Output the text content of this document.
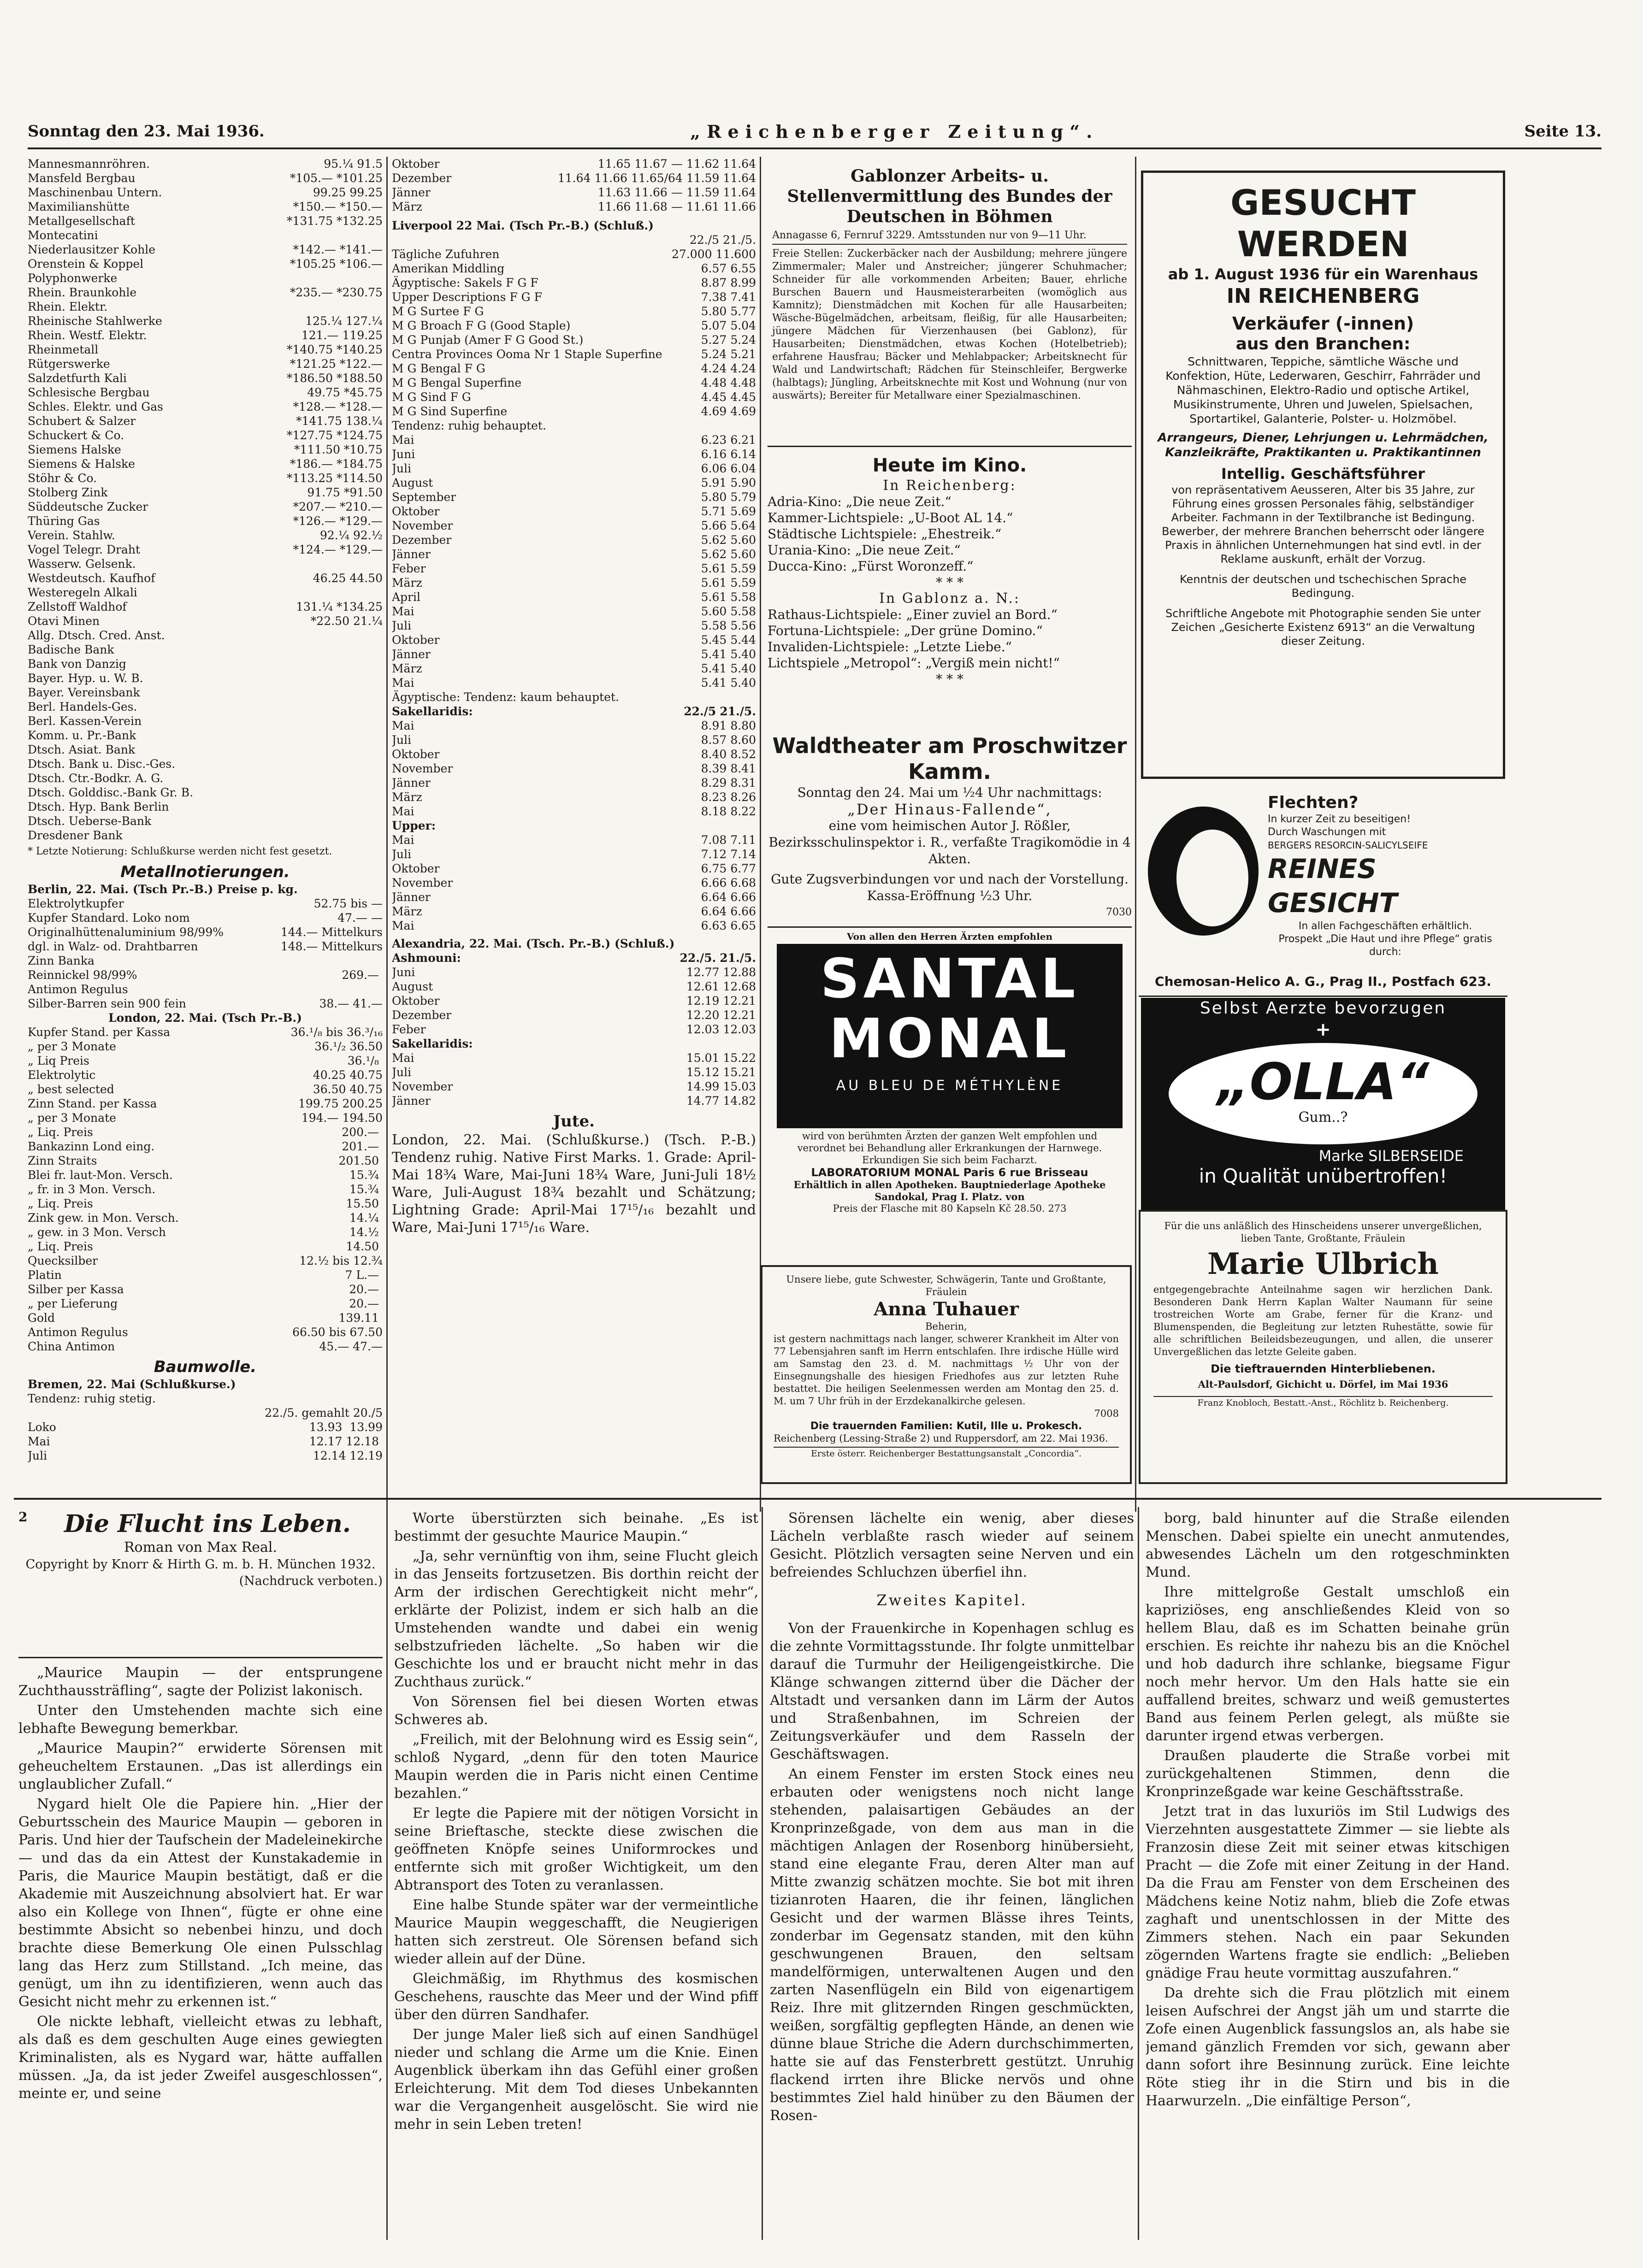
Sonntag den 23. Mai 1936.	„Reichenberger Zeitung“.	Seite 13.
Mannesmannröhren.	95.¼ 91.5
Mansfeld Bergbau	*105.— *101.25
Maschinenbau Untern.	99.25 99.25
Maximilianshütte	*150.— *150.—
Metallgesellschaft	*131.75 *132.25
Montecatini
Niederlausitzer Kohle	*142.— *141.—
Orenstein & Koppel	*105.25 *106.—
Polyphonwerke
Rhein. Braunkohle	*235.— *230.75
Rhein. Elektr.
Rheinische Stahlwerke	125.¼ 127.¼
Rhein. Westf. Elektr.	121.— 119.25
Rheinmetall	*140.75 *140.25
Rütgerswerke	*121.25 *122.—
Salzdetfurth Kali	*186.50 *188.50
Schlesische Bergbau	49.75 *45.75
Schles. Elektr. und Gas	*128.— *128.—
Schubert & Salzer	*141.75 138.¼
Schuckert & Co.	*127.75 *124.75
Siemens Halske	*111.50 *10.75
Siemens & Halske	*186.— *184.75
Stöhr & Co.	*113.25 *114.50
Stolberg Zink	91.75 *91.50
Süddeutsche Zucker	*207.— *210.—
Thüring Gas	*126.— *129.—
Verein. Stahlw.	92.¼ 92.½
Vogel Telegr. Draht	*124.— *129.—
Wasserw. Gelsenk.
Westdeutsch. Kaufhof	46.25 44.50
Westeregeln Alkali
Zellstoff Waldhof	131.¼ *134.25
Otavi Minen	*22.50 21.¼
Allg. Dtsch. Cred. Anst.
Badische Bank
Bank von Danzig
Bayer. Hyp. u. W. B.
Bayer. Vereinsbank
Berl. Handels-Ges.
Berl. Kassen-Verein
Komm. u. Pr.-Bank
Dtsch. Asiat. Bank
Dtsch. Bank u. Disc.-Ges.
Dtsch. Ctr.-Bodkr. A. G.
Dtsch. Golddisc.-Bank Gr. B.
Dtsch. Hyp. Bank Berlin
Dtsch. Ueberse-Bank
Dresdener Bank
* Letzte Notierung: Schlußkurse werden nicht fest gesetzt.
Metallnotierungen.
Berlin, 22. Mai. (Tsch Pr.-B.) Preise p. kg.
Elektrolytkupfer	52.75 bis —
Kupfer Standard. Loko nom	47.— —
Originalhüttenaluminium 98/99%	144.— Mittelkurs
dgl. in Walz- od. Drahtbarren	148.— Mittelkurs
Zinn Banka
Reinnickel 98/99%	269.—
Antimon Regulus
Silber-Barren sein 900 fein	38.— 41.—
London, 22. Mai. (Tsch Pr.-B.)
Kupfer Stand. per Kassa	36.¹/₈ bis 36.³/₁₆
„ per 3 Monate	36.¹/₂ 36.50
„ Liq Preis	36.¹/₈
Elektrolytic	40.25 40.75
„ best selected	36.50 40.75
Zinn Stand. per Kassa	199.75 200.25
„ per 3 Monate	194.— 194.50
„ Liq. Preis	200.—
Bankazinn Lond eing.	201.—
Zinn Straits	201.50
Blei fr. laut-Mon. Versch.	15.¾
„ fr. in 3 Mon. Versch.	15.¾
„ Liq. Preis	15.50
Zink gew. in Mon. Versch.	14.¼
„ gew. in 3 Mon. Versch	14.½
„ Liq. Preis	14.50
Quecksilber	12.½ bis 12.¾
Platin	7 L.—
Silber per Kassa	20.—
„ per Lieferung	20.—
Gold	139.11
Antimon Regulus	66.50 bis 67.50
China Antimon	45.— 47.—
Baumwolle.
Bremen, 22. Mai (Schlußkurse.)
Tendenz: ruhig stetig.
22./5. gemahlt 20./5
Loko	13.93 13.99
Mai	12.17 12.18
Juli	12.14 12.19
Oktober	11.65 11.67 — 11.62 11.64
Dezember	11.64 11.66 11.65/64 11.59 11.64
Jänner	11.63 11.66 — 11.59 11.64
März	11.66 11.68 — 11.61 11.66
Liverpool 22 Mai. (Tsch Pr.-B.) (Schluß.)
22./5 21./5.
Tägliche Zufuhren	27.000 11.600
Amerikan Middling	6.57 6.55
Ägyptische: Sakels F G F	8.87 8.99
Upper Descriptions F G F	7.38 7.41
M G Surtee F G	5.80 5.77
M G Broach F G (Good Staple)	5.07 5.04
M G Punjab (Amer F G Good St.)	5.27 5.24
Centra Provinces Ooma Nr 1 Staple Superfine	5.24 5.21
M G Bengal F G	4.24 4.24
M G Bengal Superfine	4.48 4.48
M G Sind F G	4.45 4.45
M G Sind Superfine	4.69 4.69
Tendenz: ruhig behauptet.
Mai	6.23 6.21
Juni	6.16 6.14
Juli	6.06 6.04
August	5.91 5.90
September	5.80 5.79
Oktober	5.71 5.69
November	5.66 5.64
Dezember	5.62 5.60
Jänner	5.62 5.60
Feber	5.61 5.59
März	5.61 5.59
April	5.61 5.58
Mai	5.60 5.58
Juli	5.58 5.56
Oktober	5.45 5.44
Jänner	5.41 5.40
März	5.41 5.40
Mai	5.41 5.40
Ägyptische: Tendenz: kaum behauptet.
Sakellaridis:	22./5 21./5.
Mai	8.91 8.80
Juli	8.57 8.60
Oktober	8.40 8.52
November	8.39 8.41
Jänner	8.29 8.31
März	8.23 8.26
Mai	8.18 8.22
Upper:
Mai	7.08 7.11
Juli	7.12 7.14
Oktober	6.75 6.77
November	6.66 6.68
Jänner	6.64 6.66
März	6.64 6.66
Mai	6.63 6.65
Alexandria, 22. Mai. (Tsch. Pr.-B.) (Schluß.)
Ashmouni:	22./5. 21./5.
Juni	12.77 12.88
August	12.61 12.68
Oktober	12.19 12.21
Dezember	12.20 12.21
Feber	12.03 12.03
Sakellaridis:
Mai	15.01 15.22
Juli	15.12 15.21
November	14.99 15.03
Jänner	14.77 14.82
Jute.
London, 22. Mai. (Schlußkurse.) (Tsch. P.-B.) Tendenz ruhig. Native First Marks. 1. Grade: April-Mai 18¾ Ware, Mai-Juni 18¾ Ware, Juni-Juli 18½ Ware, Juli-August 18¾ bezahlt und Schätzung; Lightning Grade: April-Mai 17¹⁵/₁₆ bezahlt und Ware, Mai-Juni 17¹⁵/₁₆ Ware.
Gablonzer Arbeits- u. Stellenvermittlung des Bundes der Deutschen in Böhmen
Annagasse 6, Fernruf 3229. Amtsstunden nur von 9—11 Uhr.
Freie Stellen: Zuckerbäcker nach der Ausbildung; mehrere jüngere Zimmermaler; Maler und Anstreicher; jüngerer Schuhmacher; Schneider für alle vorkommenden Arbeiten; Bauer, ehrliche Burschen Bauern und Hausmeisterarbeiten (womöglich aus Kamnitz); Dienstmädchen mit Kochen für alle Hausarbeiten; Wäsche-Bügelmädchen, arbeitsam, fleißig, für alle Hausarbeiten; jüngere Mädchen für Vierzenhausen (bei Gablonz), für Hausarbeiten; Dienstmädchen, etwas Kochen (Hotelbetrieb); erfahrene Hausfrau; Bäcker und Mehlabpacker; Arbeitsknecht für Wald und Landwirtschaft; Rädchen für Steinschleifer, Bergwerke (halbtags); Jüngling, Arbeitsknechte mit Kost und Wohnung (nur von auswärts); Bereiter für Metallware einer Spezialmaschinen.
Heute im Kino.
In Reichenberg:
Adria-Kino: „Die neue Zeit.“
Kammer-Lichtspiele: „U-Boot AL 14.“
Städtische Lichtspiele: „Ehestreik.“
Urania-Kino: „Die neue Zeit.“
Ducca-Kino: „Fürst Woronzeff.“
* * *
In Gablonz a. N.:
Rathaus-Lichtspiele: „Einer zuviel an Bord.“
Fortuna-Lichtspiele: „Der grüne Domino.“
Invaliden-Lichtspiele: „Letzte Liebe.“
Lichtspiele „Metropol“: „Vergiß mein nicht!“
* * *
Waldtheater am Proschwitzer Kamm.
Sonntag den 24. Mai um ½4 Uhr nachmittags:
„Der Hinaus-Fallende“,
eine vom heimischen Autor J. Rößler, Bezirksschulinspektor i. R., verfaßte Tragikomödie in 4 Akten.
Gute Zugsverbindungen vor und nach der Vorstellung. Kassa-Eröffnung ½3 Uhr.
7030
Von allen den Herren Ärzten empfohlen
SANTAL
MONAL
AU BLEU DE MÉTHYLÈNE
wird von berühmten Ärzten der ganzen Welt empfohlen und verordnet bei Behandlung aller Erkrankungen der Harnwege. Erkundigen Sie sich beim Facharzt.
LABORATORIUM MONAL Paris 6 rue Brisseau
Erhältlich in allen Apotheken. Bauptniederlage Apotheke Sandokal, Prag I. Platz. von
Preis der Flasche mit 80 Kapseln Kč 28.50. 273
Unsere liebe, gute Schwester, Schwägerin, Tante und Großtante, Fräulein
Anna Tuhauer
Beherin,
ist gestern nachmittags nach langer, schwerer Krankheit im Alter von 77 Lebensjahren sanft im Herrn entschlafen. Ihre irdische Hülle wird am Samstag den 23. d. M. nachmittags ½ Uhr von der Einsegnungshalle des hiesigen Friedhofes aus zur letzten Ruhe bestattet. Die heiligen Seelenmessen werden am Montag den 25. d. M. um 7 Uhr früh in der Erzdekanalkirche gelesen.
7008
Die trauernden Familien: Kutil, Ille u. Prokesch.
Reichenberg (Lessing-Straße 2) und Ruppersdorf, am 22. Mai 1936.
Erste österr. Reichenberger Bestattungsanstalt „Concordia“.
GESUCHT WERDEN
ab 1. August 1936 für ein Warenhaus
IN REICHENBERG
Verkäufer (-innen)
aus den Branchen:
Schnittwaren, Teppiche, sämtliche Wäsche und Konfektion, Hüte, Lederwaren, Geschirr, Fahrräder und Nähmaschinen, Elektro-Radio und optische Artikel, Musikinstrumente, Uhren und Juwelen, Spielsachen, Sportartikel, Galanterie, Polster- u. Holzmöbel.
Arrangeurs, Diener, Lehrjungen u. Lehrmädchen, Kanzleikräfte, Praktikanten u. Praktikantinnen
Intellig. Geschäftsführer
von repräsentativem Aeusseren, Alter bis 35 Jahre, zur Führung eines grossen Personales fähig, selbständiger Arbeiter. Fachmann in der Textilbranche ist Bedingung. Bewerber, der mehrere Branchen beherrscht oder längere Praxis in ähnlichen Unternehmungen hat sind evtl. in der Reklame auskunft, erhält der Vorzug.
Kenntnis der deutschen und tschechischen Sprache Bedingung.
Schriftliche Angebote mit Photographie senden Sie unter Zeichen „Gesicherte Existenz 6913“ an die Verwaltung dieser Zeitung.
Flechten?
In kurzer Zeit zu beseitigen!
Durch Waschungen mit
BERGERS RESORCIN-SALICYLSEIFE
REINES GESICHT
In allen Fachgeschäften erhältlich.
Prospekt „Die Haut und ihre Pflege“ gratis durch:
Chemosan-Helico A. G., Prag II., Postfach 623.
Selbst Aerzte bevorzugen
+
„OLLA“
Gum..?
Marke SILBERSEIDE
in Qualität unübertroffen!
Für die uns anläßlich des Hinscheidens unserer unvergeßlichen, lieben Tante, Großtante, Fräulein
Marie Ulbrich
entgegengebrachte Anteilnahme sagen wir herzlichen Dank. Besonderen Dank Herrn Kaplan Walter Naumann für seine trostreichen Worte am Grabe, ferner für die Kranz- und Blumenspenden, die Begleitung zur letzten Ruhestätte, sowie für alle schriftlichen Beileidsbezeugungen, und allen, die unserer Unvergeßlichen das letzte Geleite gaben.
Die tieftrauernden Hinterbliebenen.
Alt-Paulsdorf, Gichicht u. Dörfel, im Mai 1936
Franz Knobloch, Bestatt.-Anst., Röchlitz b. Reichenberg.
2	Die Flucht ins Leben.
Roman von Max Real.
Copyright by Knorr & Hirth G. m. b. H. München 1932.
(Nachdruck verboten.)

„Maurice Maupin — der entsprungene Zuchthaussträfling“, sagte der Polizist lakonisch.

Unter den Umstehenden machte sich eine lebhafte Bewegung bemerkbar.

„Maurice Maupin?“ erwiderte Sörensen mit geheucheltem Erstaunen. „Das ist allerdings ein unglaublicher Zufall.“

Nygard hielt Ole die Papiere hin. „Hier der Geburtsschein des Maurice Maupin — geboren in Paris. Und hier der Taufschein der Madeleinekirche — und das da ein Attest der Kunstakademie in Paris, die Maurice Maupin bestätigt, daß er die Akademie mit Auszeichnung absolviert hat. Er war also ein Kollege von Ihnen“, fügte er ohne eine bestimmte Absicht so nebenbei hinzu, und doch brachte diese Bemerkung Ole einen Pulsschlag lang das Herz zum Stillstand. „Ich meine, das genügt, um ihn zu identifizieren, wenn auch das Gesicht nicht mehr zu erkennen ist.“

Ole nickte lebhaft, vielleicht etwas zu lebhaft, als daß es dem geschulten Auge eines gewiegten Kriminalisten, als es Nygard war, hätte auffallen müssen. „Ja, da ist jeder Zweifel ausgeschlossen“, meinte er, und seine

Worte überstürzten sich beinahe. „Es ist bestimmt der gesuchte Maurice Maupin.“

„Ja, sehr vernünftig von ihm, seine Flucht gleich in das Jenseits fortzusetzen. Bis dorthin reicht der Arm der irdischen Gerechtigkeit nicht mehr“, erklärte der Polizist, indem er sich halb an die Umstehenden wandte und dabei ein wenig selbstzufrieden lächelte. „So haben wir die Geschichte los und er braucht nicht mehr in das Zuchthaus zurück.“

Von Sörensen fiel bei diesen Worten etwas Schweres ab.

„Freilich, mit der Belohnung wird es Essig sein“, schloß Nygard, „denn für den toten Maurice Maupin werden die in Paris nicht einen Centime bezahlen.“

Er legte die Papiere mit der nötigen Vorsicht in seine Brieftasche, steckte diese zwischen die geöffneten Knöpfe seines Uniformrockes und entfernte sich mit großer Wichtigkeit, um den Abtransport des Toten zu veranlassen.

Eine halbe Stunde später war der vermeintliche Maurice Maupin weggeschafft, die Neugierigen hatten sich zerstreut. Ole Sörensen befand sich wieder allein auf der Düne.

Gleichmäßig, im Rhythmus des kosmischen Geschehens, rauschte das Meer und der Wind pfiff über den dürren Sandhafer.

Der junge Maler ließ sich auf einen Sandhügel nieder und schlang die Arme um die Knie. Einen Augenblick überkam ihn das Gefühl einer großen Erleichterung. Mit dem Tod dieses Unbekannten war die Vergangenheit ausgelöscht. Sie wird nie mehr in sein Leben treten!

Sörensen lächelte ein wenig, aber dieses Lächeln verblaßte rasch wieder auf seinem Gesicht. Plötzlich versagten seine Nerven und ein befreiendes Schluchzen überfiel ihn.

Zweites Kapitel.

Von der Frauenkirche in Kopenhagen schlug es die zehnte Vormittagsstunde. Ihr folgte unmittelbar darauf die Turmuhr der Heiligengeistkirche. Die Klänge schwangen zitternd über die Dächer der Altstadt und versanken dann im Lärm der Autos und Straßenbahnen, im Schreien der Zeitungsverkäufer und dem Rasseln der Geschäftswagen.

An einem Fenster im ersten Stock eines neu erbauten oder wenigstens noch nicht lange stehenden, palaisartigen Gebäudes an der Kronprinzeßgade, von dem aus man in die mächtigen Anlagen der Rosenborg hinübersieht, stand eine elegante Frau, deren Alter man auf Mitte zwanzig schätzen mochte. Sie bot mit ihren tizianroten Haaren, die ihr feinen, länglichen Gesicht und der warmen Blässe ihres Teints, zonderbar im Gegensatz standen, mit den kühn geschwungenen Brauen, den seltsam mandelförmigen, unterwaltenen Augen und den zarten Nasenflügeln ein Bild von eigenartigem Reiz. Ihre mit glitzernden Ringen geschmückten, weißen, sorgfältig gepflegten Hände, an denen wie dünne blaue Striche die Adern durchschimmerten, hatte sie auf das Fensterbrett gestützt. Unruhig flackend irrten ihre Blicke nervös und ohne bestimmtes Ziel hald hinüber zu den Bäumen der Rosen-

borg, bald hinunter auf die Straße eilenden Menschen. Dabei spielte ein unecht anmutendes, abwesendes Lächeln um den rotgeschminkten Mund.

Ihre mittelgroße Gestalt umschloß ein kapriziöses, eng anschließendes Kleid von so hellem Blau, daß es im Schatten beinahe grün erschien. Es reichte ihr nahezu bis an die Knöchel und hob dadurch ihre schlanke, biegsame Figur noch mehr hervor. Um den Hals hatte sie ein auffallend breites, schwarz und weiß gemustertes Band aus feinem Perlen gelegt, als müßte sie darunter irgend etwas verbergen.

Draußen plauderte die Straße vorbei mit zurückgehaltenen Stimmen, denn die Kronprinzeßgade war keine Geschäftsstraße.

Jetzt trat in das luxuriös im Stil Ludwigs des Vierzehnten ausgestattete Zimmer — sie liebte als Franzosin diese Zeit mit seiner etwas kitschigen Pracht — die Zofe mit einer Zeitung in der Hand. Da die Frau am Fenster von dem Erscheinen des Mädchens keine Notiz nahm, blieb die Zofe etwas zaghaft und unentschlossen in der Mitte des Zimmers stehen. Nach ein paar Sekunden zögernden Wartens fragte sie endlich: „Belieben gnädige Frau heute vormittag auszufahren.“

Da drehte sich die Frau plötzlich mit einem leisen Aufschrei der Angst jäh um und starrte die Zofe einen Augenblick fassungslos an, als habe sie jemand gänzlich Fremden vor sich, gewann aber dann sofort ihre Besinnung zurück. Eine leichte Röte stieg ihr in die Stirn und bis in die Haarwurzeln. „Die einfältige Person“,
